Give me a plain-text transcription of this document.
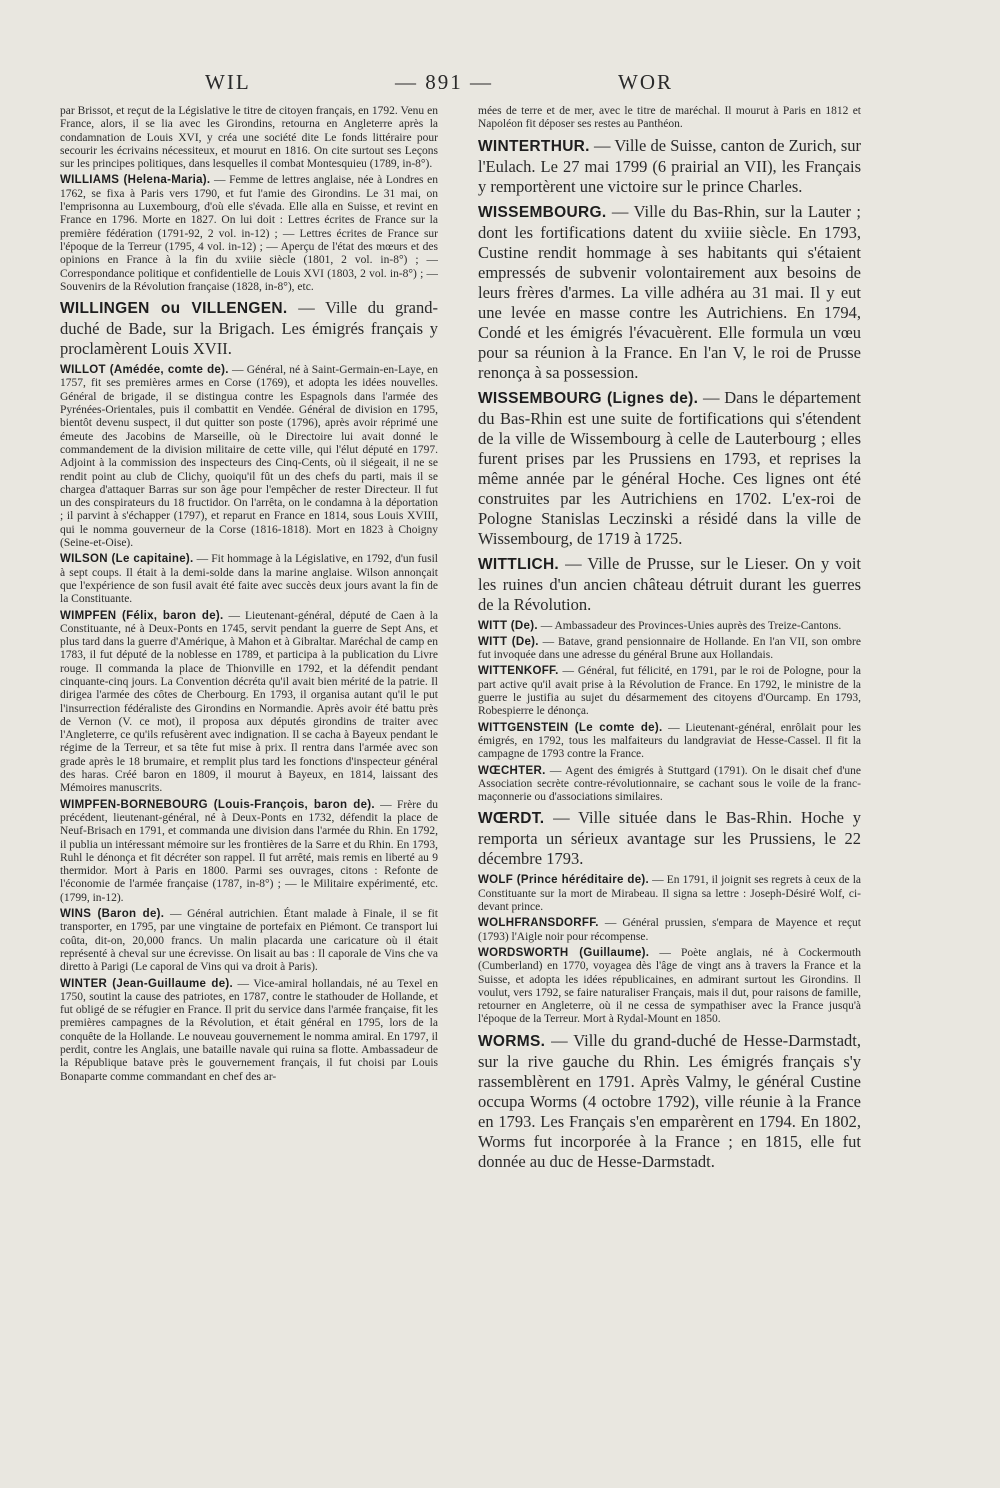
WIL	— 891 —	WOR

par Brissot, et reçut de la Législative le titre de citoyen français, en 1792. Venu en France, alors, il se lia avec les Girondins, retourna en Angleterre après la condamnation de Louis XVI, y créa une société dite Le fonds littéraire pour secourir les écrivains nécessiteux, et mourut en 1816. On cite surtout ses Leçons sur les principes politiques, dans lesquelles il combat Montesquieu (1789, in-8°).

WILLIAMS (Helena-Maria). — Femme de lettres anglaise, née à Londres en 1762, se fixa à Paris vers 1790, et fut l'amie des Girondins. Le 31 mai, on l'emprisonna au Luxembourg, d'où elle s'évada. Elle alla en Suisse, et revint en France en 1796. Morte en 1827. On lui doit : Lettres écrites de France sur la première fédération (1791-92, 2 vol. in-12) ; — Lettres écrites de France sur l'époque de la Terreur (1795, 4 vol. in-12) ; — Aperçu de l'état des mœurs et des opinions en France à la fin du xviiie siècle (1801, 2 vol. in-8°) ; — Correspondance politique et confidentielle de Louis XVI (1803, 2 vol. in-8°) ; — Souvenirs de la Révolution française (1828, in-8°), etc.

WILLINGEN ou VILLENGEN. — Ville du grand-duché de Bade, sur la Brigach. Les émigrés français y proclamèrent Louis XVII.

WILLOT (Amédée, comte de). — Général, né à Saint-Germain-en-Laye, en 1757, fit ses premières armes en Corse (1769), et adopta les idées nouvelles. Général de brigade, il se distingua contre les Espagnols dans l'armée des Pyrénées-Orientales, puis il combattit en Vendée. Général de division en 1795, bientôt devenu suspect, il dut quitter son poste (1796), après avoir réprimé une émeute des Jacobins de Marseille, où le Directoire lui avait donné le commandement de la division militaire de cette ville, qui l'élut député en 1797. Adjoint à la commission des inspecteurs des Cinq-Cents, où il siégeait, il ne se rendit point au club de Clichy, quoiqu'il fût un des chefs du parti, mais il se chargea d'attaquer Barras sur son âge pour l'empêcher de rester Directeur. Il fut un des conspirateurs du 18 fructidor. On l'arrêta, on le condamna à la déportation ; il parvint à s'échapper (1797), et reparut en France en 1814, sous Louis XVIII, qui le nomma gouverneur de la Corse (1816-1818). Mort en 1823 à Choigny (Seine-et-Oise).

WILSON (Le capitaine). — Fit hommage à la Législative, en 1792, d'un fusil à sept coups. Il était à la demi-solde dans la marine anglaise. Wilson annonçait que l'expérience de son fusil avait été faite avec succès deux jours avant la fin de la Constituante.

WIMPFEN (Félix, baron de). — Lieutenant-général, député de Caen à la Constituante, né à Deux-Ponts en 1745, servit pendant la guerre de Sept Ans, et plus tard dans la guerre d'Amérique, à Mahon et à Gibraltar. Maréchal de camp en 1783, il fut député de la noblesse en 1789, et participa à la publication du Livre rouge. Il commanda la place de Thionville en 1792, et la défendit pendant cinquante-cinq jours. La Convention décréta qu'il avait bien mérité de la patrie. Il dirigea l'armée des côtes de Cherbourg. En 1793, il organisa autant qu'il le put l'insurrection fédéraliste des Girondins en Normandie. Après avoir été battu près de Vernon (V. ce mot), il proposa aux députés girondins de traiter avec l'Angleterre, ce qu'ils refusèrent avec indignation. Il se cacha à Bayeux pendant le régime de la Terreur, et sa tête fut mise à prix. Il rentra dans l'armée avec son grade après le 18 brumaire, et remplit plus tard les fonctions d'inspecteur général des haras. Créé baron en 1809, il mourut à Bayeux, en 1814, laissant des Mémoires manuscrits.

WIMPFEN-BORNEBOURG (Louis-François, baron de). — Frère du précédent, lieutenant-général, né à Deux-Ponts en 1732, défendit la place de Neuf-Brisach en 1791, et commanda une division dans l'armée du Rhin. En 1792, il publia un intéressant mémoire sur les frontières de la Sarre et du Rhin. En 1793, Ruhl le dénonça et fit décréter son rappel. Il fut arrêté, mais remis en liberté au 9 thermidor. Mort à Paris en 1800. Parmi ses ouvrages, citons : Refonte de l'économie de l'armée française (1787, in-8°) ; — le Militaire expérimenté, etc. (1799, in-12).

WINS (Baron de). — Général autrichien. Étant malade à Finale, il se fit transporter, en 1795, par une vingtaine de portefaix en Piémont. Ce transport lui coûta, dit-on, 20,000 francs. Un malin placarda une caricature où il était représenté à cheval sur une écrevisse. On lisait au bas : Il caporale de Vins che va diretto à Parigi (Le caporal de Vins qui va droit à Paris).

WINTER (Jean-Guillaume de). — Vice-amiral hollandais, né au Texel en 1750, soutint la cause des patriotes, en 1787, contre le stathouder de Hollande, et fut obligé de se réfugier en France. Il prit du service dans l'armée française, fit les premières campagnes de la Révolution, et était général en 1795, lors de la conquête de la Hollande. Le nouveau gouvernement le nomma amiral. En 1797, il perdit, contre les Anglais, une bataille navale qui ruina sa flotte. Ambassadeur de la République batave près le gouvernement français, il fut choisi par Louis Bonaparte comme commandant en chef des ar-

mées de terre et de mer, avec le titre de maréchal. Il mourut à Paris en 1812 et Napoléon fit déposer ses restes au Panthéon.

WINTERTHUR. — Ville de Suisse, canton de Zurich, sur l'Eulach. Le 27 mai 1799 (6 prairial an VII), les Français y remportèrent une victoire sur le prince Charles.

WISSEMBOURG. — Ville du Bas-Rhin, sur la Lauter ; dont les fortifications datent du xviiie siècle. En 1793, Custine rendit hommage à ses habitants qui s'étaient empressés de subvenir volontairement aux besoins de leurs frères d'armes. La ville adhéra au 31 mai. Il y eut une levée en masse contre les Autrichiens. En 1794, Condé et les émigrés l'évacuèrent. Elle formula un vœu pour sa réunion à la France. En l'an V, le roi de Prusse renonça à sa possession.

WISSEMBOURG (Lignes de). — Dans le département du Bas-Rhin est une suite de fortifications qui s'étendent de la ville de Wissembourg à celle de Lauterbourg ; elles furent prises par les Prussiens en 1793, et reprises la même année par le général Hoche. Ces lignes ont été construites par les Autrichiens en 1702. L'ex-roi de Pologne Stanislas Leczinski a résidé dans la ville de Wissembourg, de 1719 à 1725.

WITTLICH. — Ville de Prusse, sur le Lieser. On y voit les ruines d'un ancien château détruit durant les guerres de la Révolution.

WITT (De). — Ambassadeur des Provinces-Unies auprès des Treize-Cantons.

WITT (De). — Batave, grand pensionnaire de Hollande. En l'an VII, son ombre fut invoquée dans une adresse du général Brune aux Hollandais.

WITTENKOFF. — Général, fut félicité, en 1791, par le roi de Pologne, pour la part active qu'il avait prise à la Révolution de France. En 1792, le ministre de la guerre le justifia au sujet du désarmement des citoyens d'Ourcamp. En 1793, Robespierre le dénonça.

WITTGENSTEIN (Le comte de). — Lieutenant-général, enrôlait pour les émigrés, en 1792, tous les malfaiteurs du landgraviat de Hesse-Cassel. Il fit la campagne de 1793 contre la France.

WŒCHTER. — Agent des émigrés à Stuttgard (1791). On le disait chef d'une Association secrète contre-révolutionnaire, se cachant sous le voile de la franc-maçonnerie ou d'associations similaires.

WŒRDT. — Ville située dans le Bas-Rhin. Hoche y remporta un sérieux avantage sur les Prussiens, le 22 décembre 1793.

WOLF (Prince héréditaire de). — En 1791, il joignit ses regrets à ceux de la Constituante sur la mort de Mirabeau. Il signa sa lettre : Joseph-Désiré Wolf, ci-devant prince.

WOLHFRANSDORFF. — Général prussien, s'empara de Mayence et reçut (1793) l'Aigle noir pour récompense.

WORDSWORTH (Guillaume). — Poète anglais, né à Cockermouth (Cumberland) en 1770, voyagea dès l'âge de vingt ans à travers la France et la Suisse, et adopta les idées républicaines, en admirant surtout les Girondins. Il voulut, vers 1792, se faire naturaliser Français, mais il dut, pour raisons de famille, retourner en Angleterre, où il ne cessa de sympathiser avec la France jusqu'à l'époque de la Terreur. Mort à Rydal-Mount en 1850.

WORMS. — Ville du grand-duché de Hesse-Darmstadt, sur la rive gauche du Rhin. Les émigrés français s'y rassemblèrent en 1791. Après Valmy, le général Custine occupa Worms (4 octobre 1792), ville réunie à la France en 1793. Les Français s'en emparèrent en 1794. En 1802, Worms fut incorporée à la France ; en 1815, elle fut donnée au duc de Hesse-Darmstadt.
